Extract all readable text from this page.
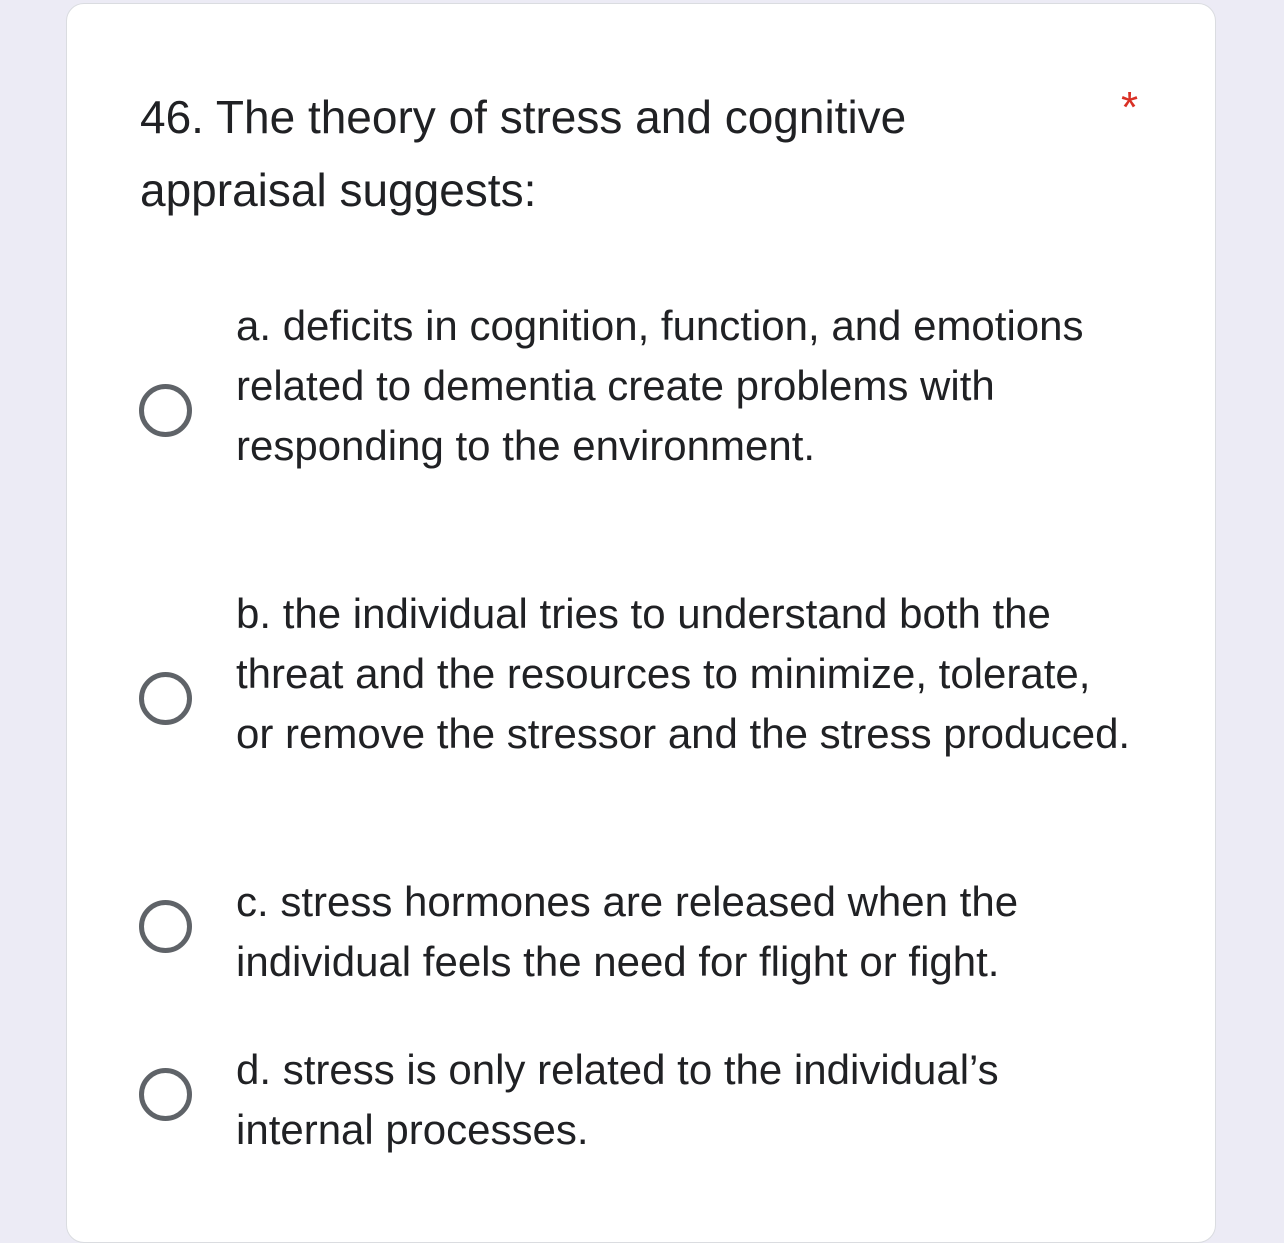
46. The theory of stress and cognitive appraisal suggests:
*
a. deficits in cognition, function, and emotions related to dementia create problems with responding to the environment.
b. the individual tries to understand both the threat and the resources to minimize, tolerate, or remove the stressor and the stress produced.
c. stress hormones are released when the individual feels the need for flight or fight.
d. stress is only related to the individual’s internal processes.
